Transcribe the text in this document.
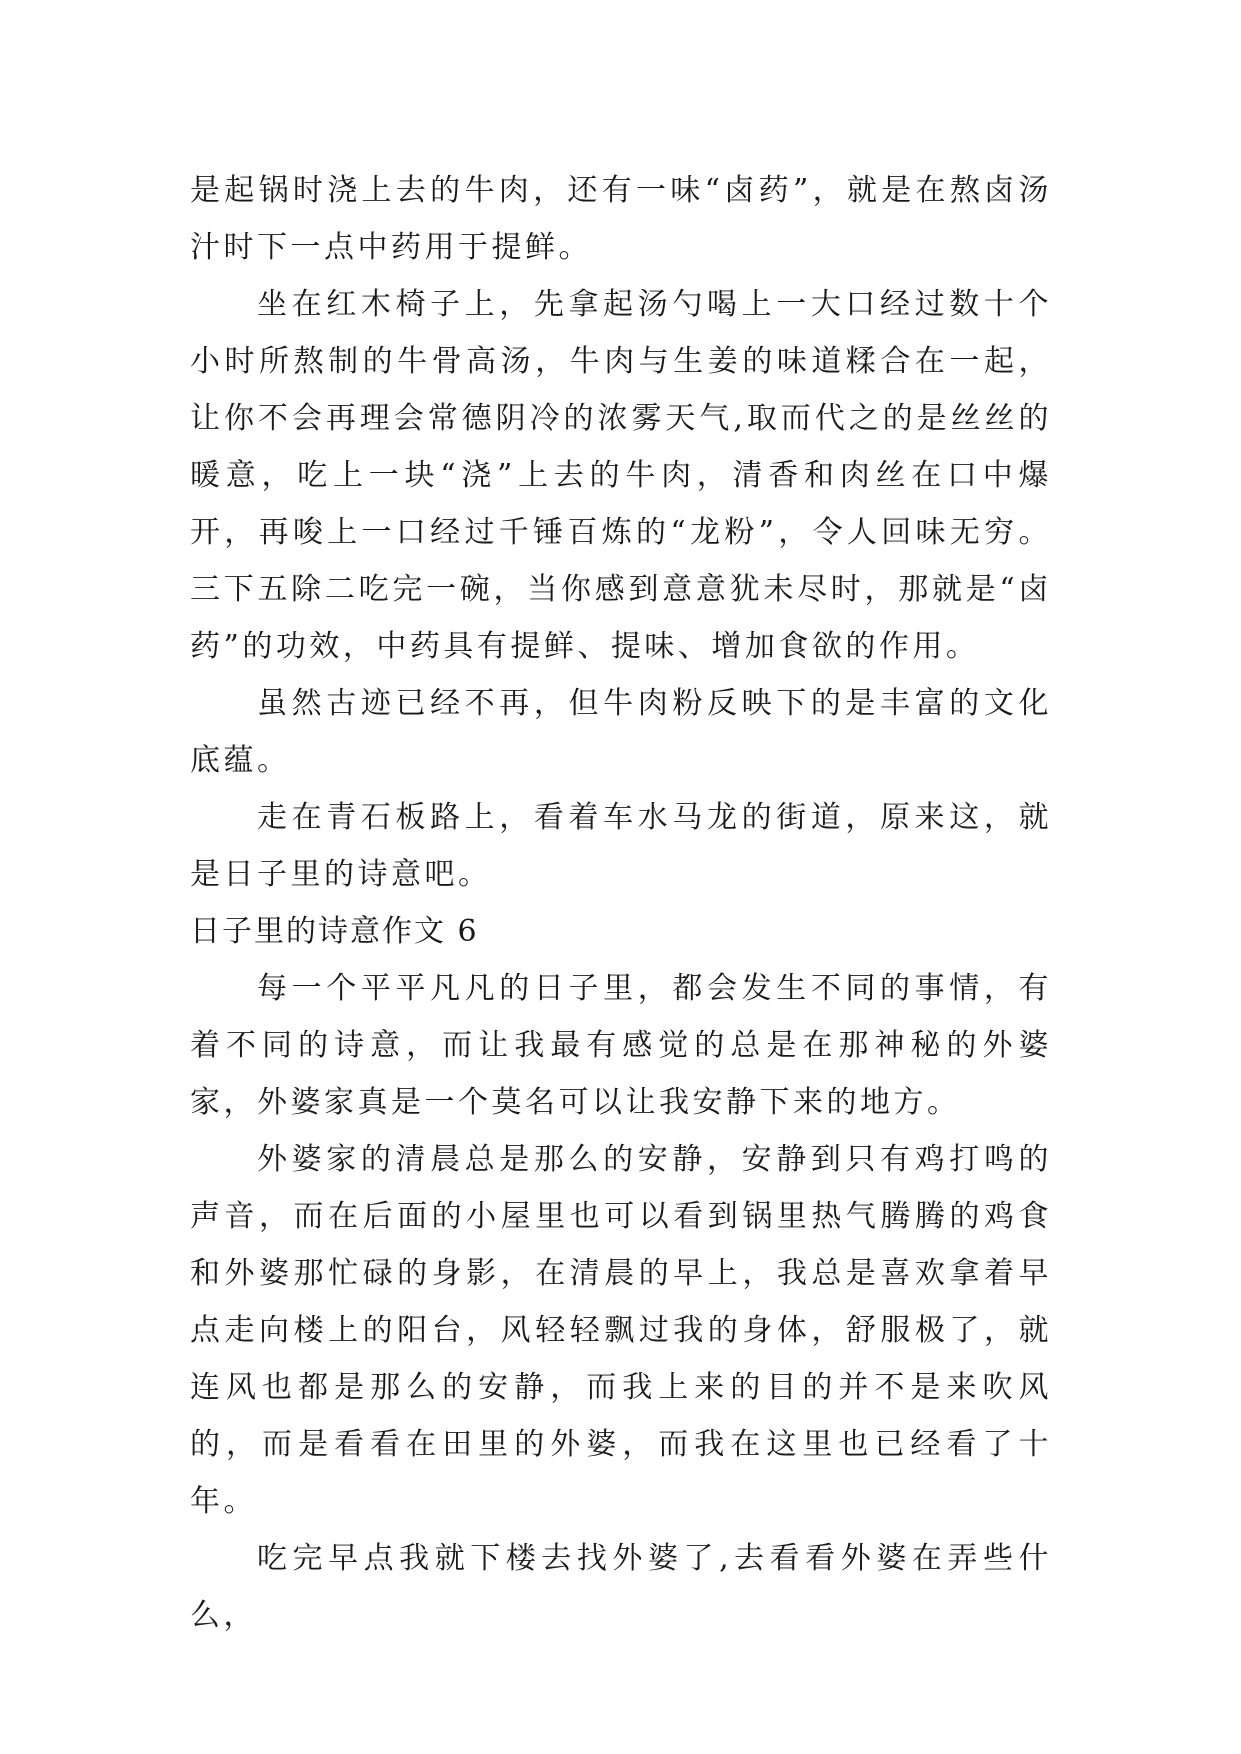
是起锅时浇上去的牛肉，还有一味“卤药”，就是在熬卤汤汁时下一点中药用于提鲜。

坐在红木椅子上，先拿起汤勺喝上一大口经过数十个小时所熬制的牛骨高汤，牛肉与生姜的味道糅合在一起，让你不会再理会常德阴冷的浓雾天气,取而代之的是丝丝的暖意，吃上一块“浇”上去的牛肉，清香和肉丝在口中爆开，再唆上一口经过千锤百炼的“龙粉”，令人回味无穷。三下五除二吃完一碗，当你感到意意犹未尽时，那就是“卤药”的功效，中药具有提鲜、提味、增加食欲的作用。

虽然古迹已经不再，但牛肉粉反映下的是丰富的文化底蕴。

走在青石板路上，看着车水马龙的街道，原来这，就是日子里的诗意吧。

日子里的诗意作文 6

每一个平平凡凡的日子里，都会发生不同的事情，有着不同的诗意，而让我最有感觉的总是在那神秘的外婆家，外婆家真是一个莫名可以让我安静下来的地方。

外婆家的清晨总是那么的安静，安静到只有鸡打鸣的声音，而在后面的小屋里也可以看到锅里热气腾腾的鸡食和外婆那忙碌的身影，在清晨的早上，我总是喜欢拿着早点走向楼上的阳台，风轻轻飘过我的身体，舒服极了，就连风也都是那么的安静，而我上来的目的并不是来吹风的，而是看看在田里的外婆，而我在这里也已经看了十年。

吃完早点我就下楼去找外婆了,去看看外婆在弄些什么，
